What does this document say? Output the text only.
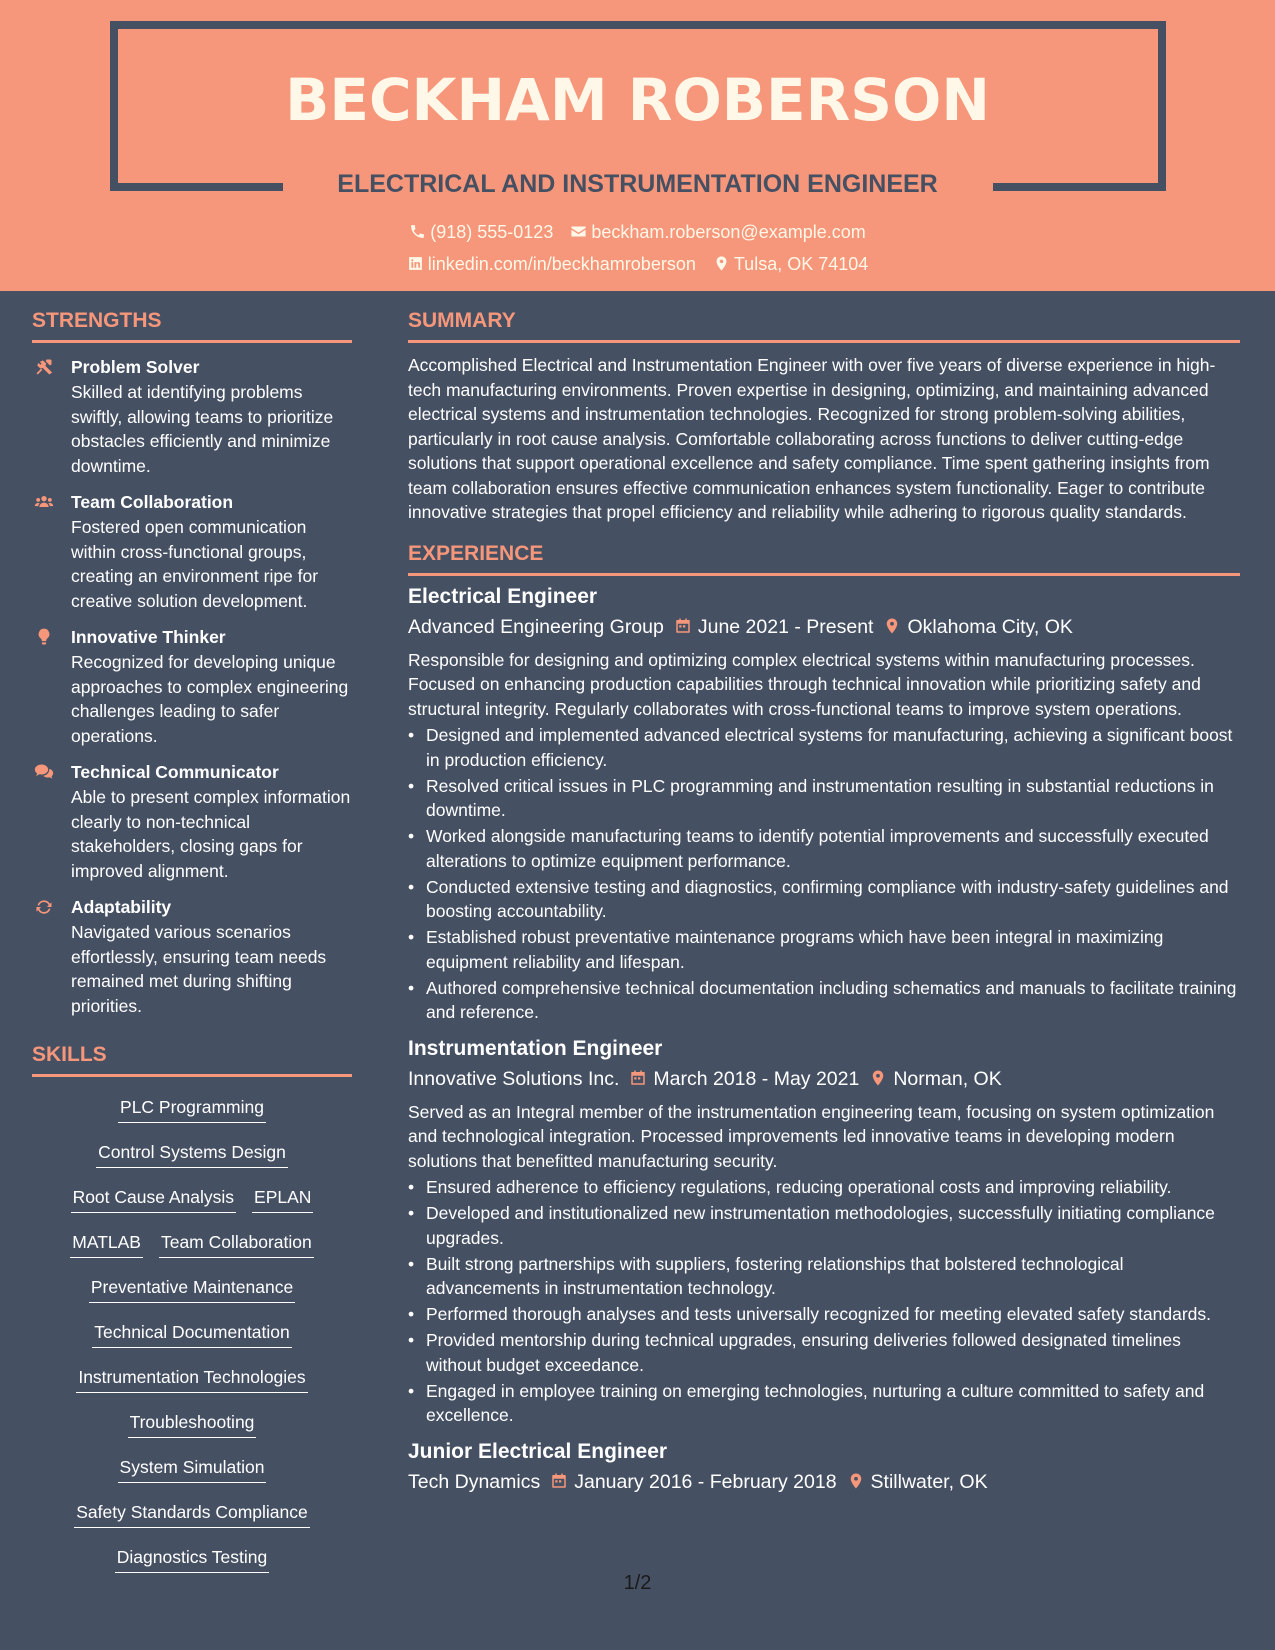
BECKHAM ROBERSON
ELECTRICAL AND INSTRUMENTATION ENGINEER
(918) 555-0123 beckham.roberson@example.com
linkedin.com/in/beckhamroberson Tulsa, OK 74104
STRENGTHS
Problem Solver
Skilled at identifying problems swiftly, allowing teams to prioritize obstacles efficiently and minimize downtime.
Team Collaboration
Fostered open communication within cross-functional groups, creating an environment ripe for creative solution development.
Innovative Thinker
Recognized for developing unique approaches to complex engineering challenges leading to safer operations.
Technical Communicator
Able to present complex information clearly to non-technical stakeholders, closing gaps for improved alignment.
Adaptability
Navigated various scenarios effortlessly, ensuring team needs remained met during shifting priorities.
SKILLS
PLC Programming
Control Systems Design
Root Cause Analysis EPLAN
MATLAB Team Collaboration
Preventative Maintenance
Technical Documentation
Instrumentation Technologies
Troubleshooting
System Simulation
Safety Standards Compliance
Diagnostics Testing
SUMMARY
Accomplished Electrical and Instrumentation Engineer with over five years of diverse experience in high-tech manufacturing environments. Proven expertise in designing, optimizing, and maintaining advanced electrical systems and instrumentation technologies. Recognized for strong problem-solving abilities, particularly in root cause analysis. Comfortable collaborating across functions to deliver cutting-edge solutions that support operational excellence and safety compliance. Time spent gathering insights from team collaboration ensures effective communication enhances system functionality. Eager to contribute innovative strategies that propel efficiency and reliability while adhering to rigorous quality standards.
EXPERIENCE
Electrical Engineer
Advanced Engineering Group June 2021 - Present Oklahoma City, OK
Responsible for designing and optimizing complex electrical systems within manufacturing processes. Focused on enhancing production capabilities through technical innovation while prioritizing safety and structural integrity. Regularly collaborates with cross-functional teams to improve system operations.
• Designed and implemented advanced electrical systems for manufacturing, achieving a significant boost in production efficiency.
• Resolved critical issues in PLC programming and instrumentation resulting in substantial reductions in downtime.
• Worked alongside manufacturing teams to identify potential improvements and successfully executed alterations to optimize equipment performance.
• Conducted extensive testing and diagnostics, confirming compliance with industry-safety guidelines and boosting accountability.
• Established robust preventative maintenance programs which have been integral in maximizing equipment reliability and lifespan.
• Authored comprehensive technical documentation including schematics and manuals to facilitate training and reference.
Instrumentation Engineer
Innovative Solutions Inc. March 2018 - May 2021 Norman, OK
Served as an Integral member of the instrumentation engineering team, focusing on system optimization and technological integration. Processed improvements led innovative teams in developing modern solutions that benefitted manufacturing security.
• Ensured adherence to efficiency regulations, reducing operational costs and improving reliability.
• Developed and institutionalized new instrumentation methodologies, successfully initiating compliance upgrades.
• Built strong partnerships with suppliers, fostering relationships that bolstered technological advancements in instrumentation technology.
• Performed thorough analyses and tests universally recognized for meeting elevated safety standards.
• Provided mentorship during technical upgrades, ensuring deliveries followed designated timelines without budget exceedance.
• Engaged in employee training on emerging technologies, nurturing a culture committed to safety and excellence.
Junior Electrical Engineer
Tech Dynamics January 2016 - February 2018 Stillwater, OK
1/2
